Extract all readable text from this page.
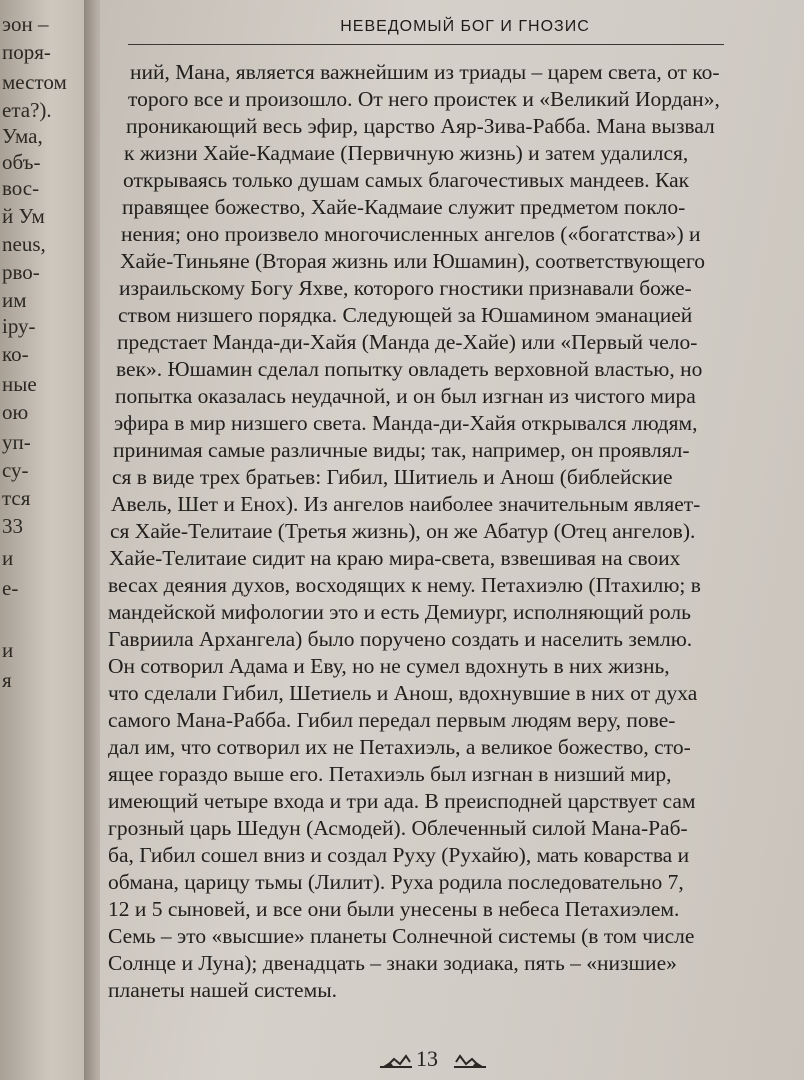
эон –
поря-
местом
ета?).
Ума,
объ-
вос-
й Ум
neus,
рво-
им
іру-
ко-
ные
ою
уп-
су-
тся
33
и
е-
и
я
НЕВЕДОМЫЙ БОГ И ГНОЗИС
ний, Мана, является важнейшим из триады – царем света, от ко-
торого все и произошло. От него проистек и «Великий Иордан»,
проникающий весь эфир, царство Аяр-Зива-Рабба. Мана вызвал
к жизни Хайе-Кадмаие (Первичную жизнь) и затем удалился,
открываясь только душам самых благочестивых мандеев. Как
правящее божество, Хайе-Кадмаие служит предметом покло-
нения; оно произвело многочисленных ангелов («богатства») и
Хайе-Тиньяне (Вторая жизнь или Юшамин), соответствующего
израильскому Богу Яхве, которого гностики признавали боже-
ством низшего порядка. Следующей за Юшамином эманацией
предстает Манда-ди-Хайя (Манда де-Хайе) или «Первый чело-
век». Юшамин сделал попытку овладеть верховной властью, но
попытка оказалась неудачной, и он был изгнан из чистого мира
эфира в мир низшего света. Манда-ди-Хайя открывался людям,
принимая самые различные виды; так, например, он проявлял-
ся в виде трех братьев: Гибил, Шитиель и Анош (библейские
Авель, Шет и Енох). Из ангелов наиболее значительным являет-
ся Хайе-Телитаие (Третья жизнь), он же Абатур (Отец ангелов).
Хайе-Телитаие сидит на краю мира-света, взвешивая на своих
весах деяния духов, восходящих к нему. Петахиэлю (Птахилю; в
мандейской мифологии это и есть Демиург, исполняющий роль
Гавриила Архангела) было поручено создать и населить землю.
Он сотворил Адама и Еву, но не сумел вдохнуть в них жизнь,
что сделали Гибил, Шетиель и Анош, вдохнувшие в них от духа
самого Мана-Рабба. Гибил передал первым людям веру, пове-
дал им, что сотворил их не Петахиэль, а великое божество, сто-
ящее гораздо выше его. Петахиэль был изгнан в низший мир,
имеющий четыре входа и три ада. В преисподней царствует сам
грозный царь Шедун (Асмодей). Облеченный силой Мана-Раб-
ба, Гибил сошел вниз и создал Руху (Рухайю), мать коварства и
обмана, царицу тьмы (Лилит). Руха родила последовательно 7,
12 и 5 сыновей, и все они были унесены в небеса Петахиэлем.
Семь – это «высшие» планеты Солнечной системы (в том числе
Солнце и Луна); двенадцать – знаки зодиака, пять – «низшие»
планеты нашей системы.
13
